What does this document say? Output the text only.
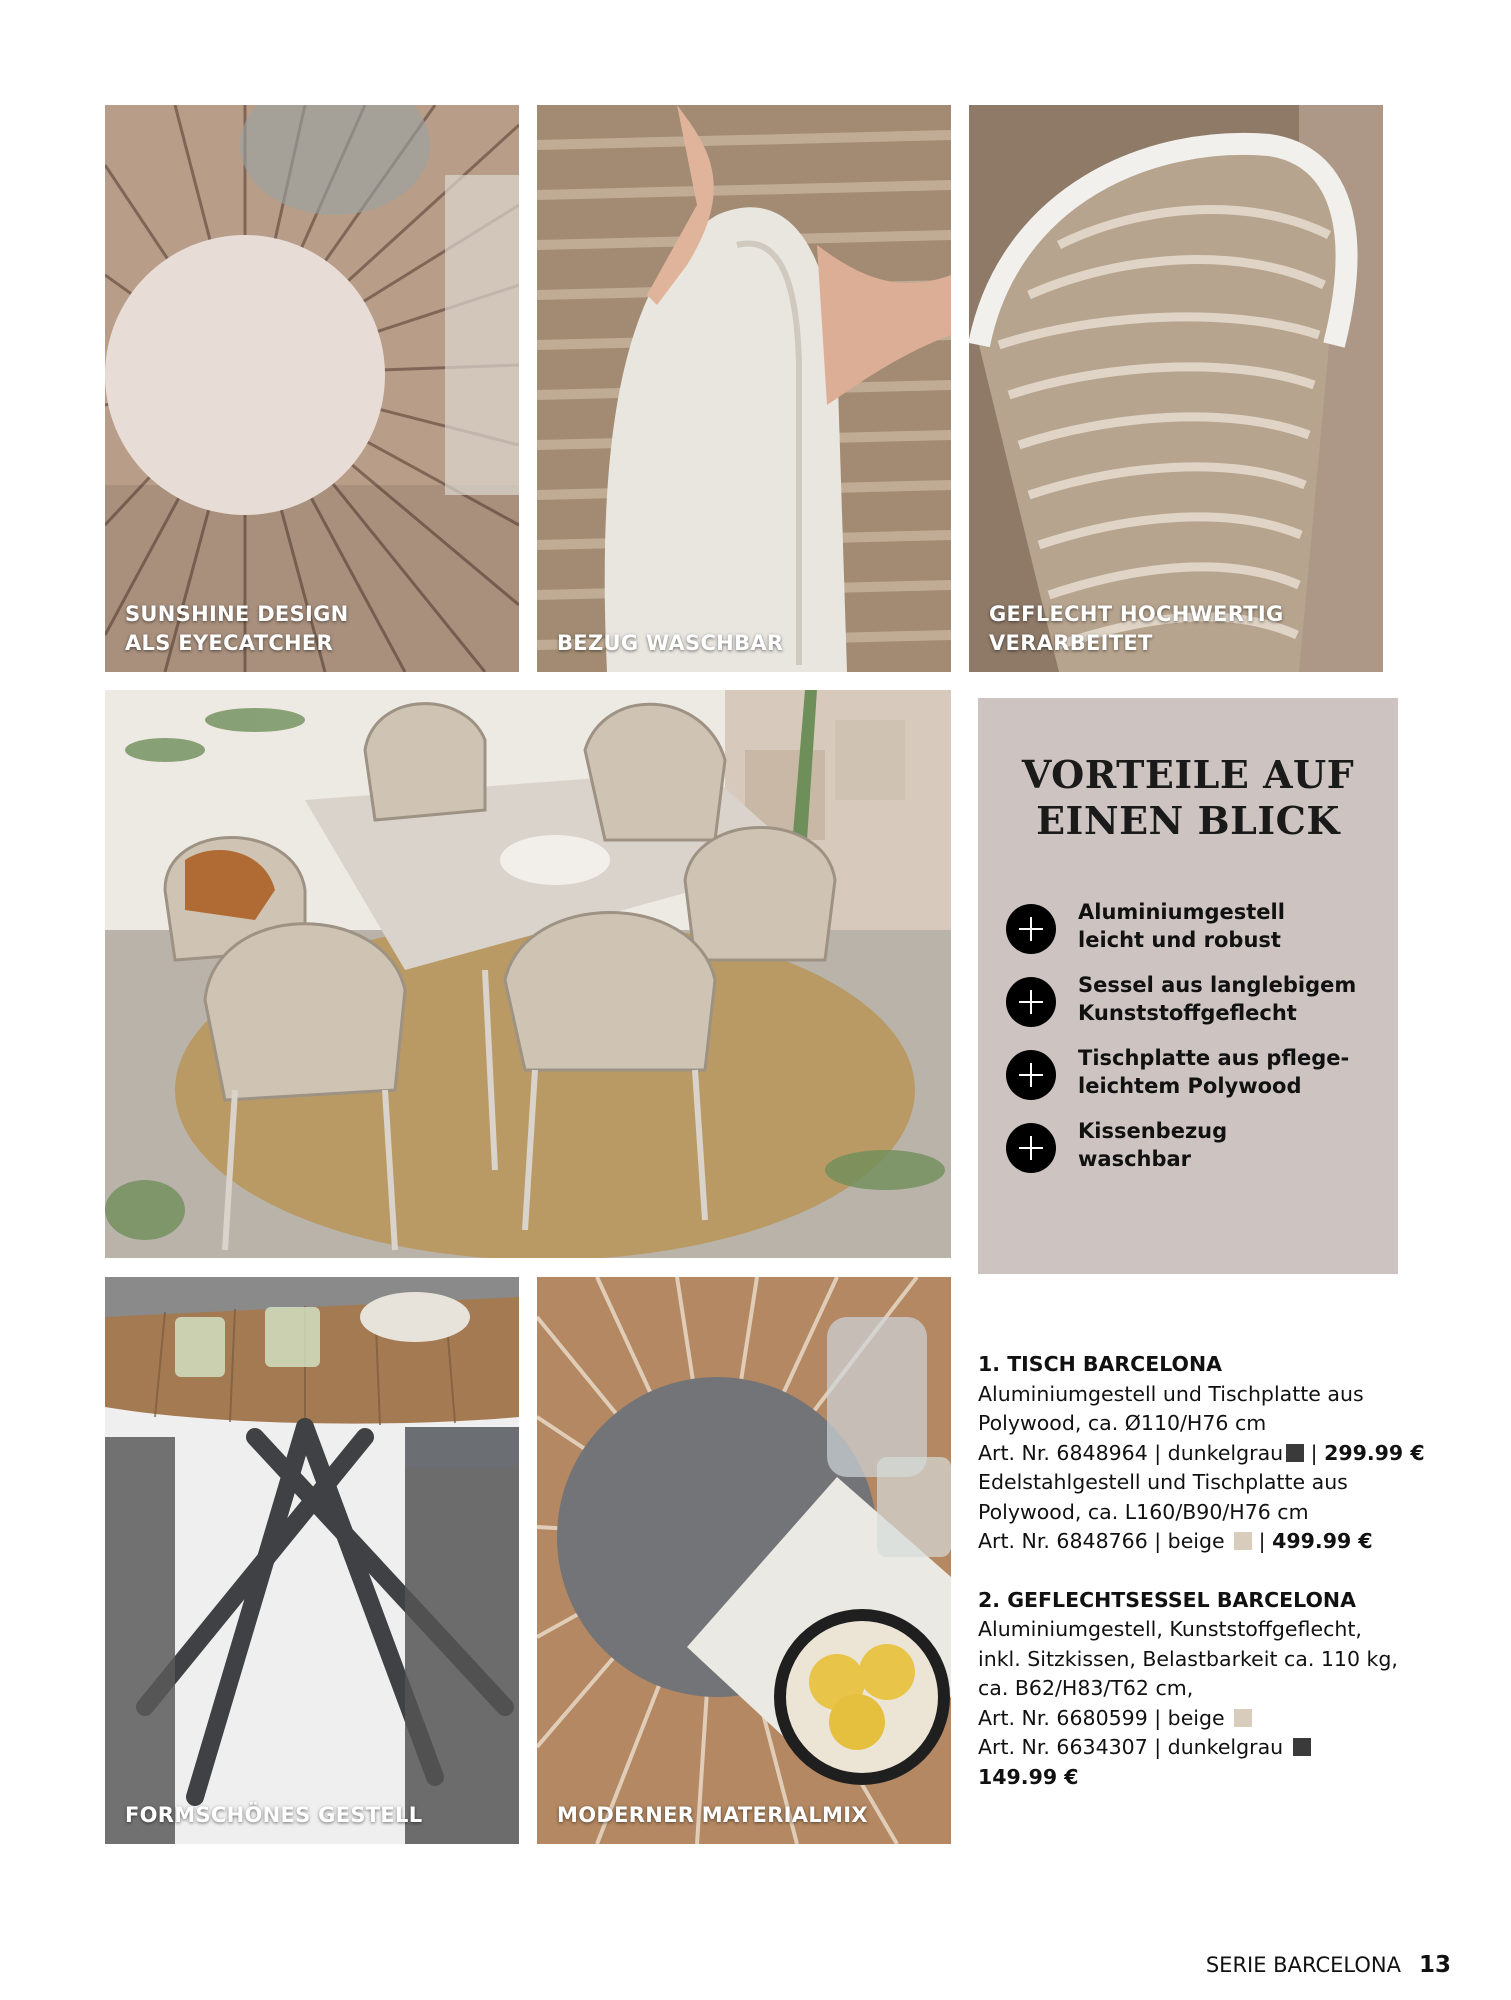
SUNSHINE DESIGN
ALS EYECATCHER	BEZUG WASCHBAR
GEFLECHT HOCHWERTIG
VERARBEITET
VORTEILE AUF
EINEN BLICK
Aluminiumgestell
leicht und robust
Sessel aus langlebigem
Kunststoffgeflecht
Tischplatte aus pflege-
leichtem Polywood
Kissenbezug
waschbar
FORMSCHÖNES GESTELL	MODERNER MATERIALMIX
1. TISCH BARCELONA
Aluminiumgestell und Tischplatte aus
Polywood, ca. Ø110/H76 cm
Art. Nr. 6848964 | dunkelgrau | 299.99 €
Edelstahlgestell und Tischplatte aus
Polywood, ca. L160/B90/H76 cm
Art. Nr. 6848766 | beige  | 499.99 €
2. GEFLECHTSESSEL BARCELONA
Aluminiumgestell, Kunststoffgeflecht,
inkl. Sitzkissen, Belastbarkeit ca. 110 kg,
ca. B62/H83/T62 cm,
Art. Nr. 6680599 | beige
Art. Nr. 6634307 | dunkelgrau
149.99 €
SERIE BARCELONA 13
